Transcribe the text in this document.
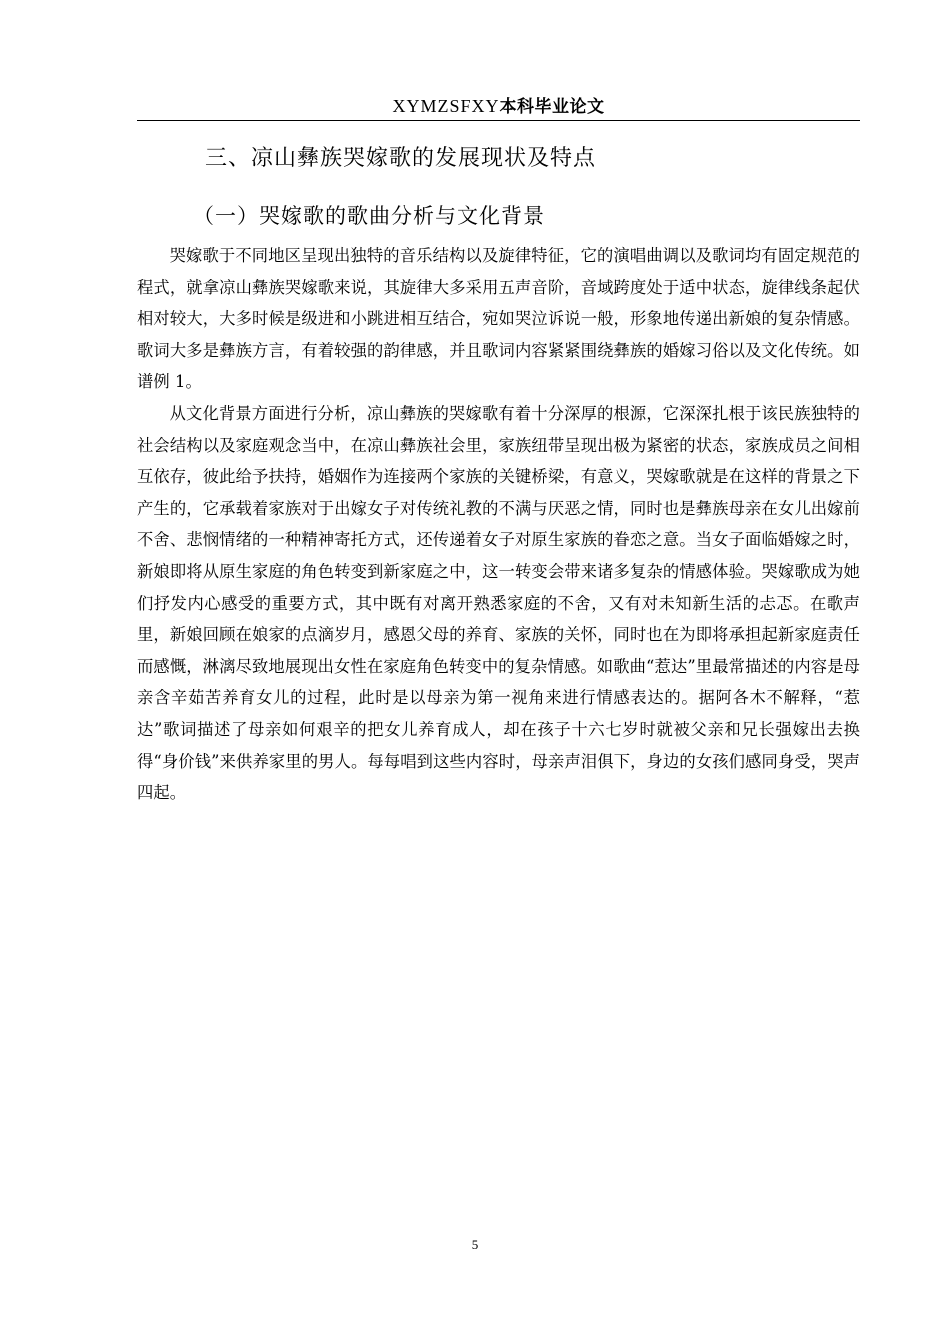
XYMZSFXY本科毕业论文
三、凉山彝族哭嫁歌的发展现状及特点
（一）哭嫁歌的歌曲分析与文化背景

哭嫁歌于不同地区呈现出独特的音乐结构以及旋律特征，它的演唱曲调以及歌词均有固定规范的程式，就拿凉山彝族哭嫁歌来说，其旋律大多采用五声音阶，音域跨度处于适中状态，旋律线条起伏相对较大，大多时候是级进和小跳进相互结合，宛如哭泣诉说一般，形象地传递出新娘的复杂情感。歌词大多是彝族方言，有着较强的韵律感，并且歌词内容紧紧围绕彝族的婚嫁习俗以及文化传统。如谱例 1。

从文化背景方面进行分析，凉山彝族的哭嫁歌有着十分深厚的根源，它深深扎根于该民族独特的社会结构以及家庭观念当中，在凉山彝族社会里，家族纽带呈现出极为紧密的状态，家族成员之间相互依存，彼此给予扶持，婚姻作为连接两个家族的关键桥梁，有意义，哭嫁歌就是在这样的背景之下产生的，它承载着家族对于出嫁女子对传统礼教的不满与厌恶之情，同时也是彝族母亲在女儿出嫁前不舍、悲悯情绪的一种精神寄托方式，还传递着女子对原生家族的眷恋之意。当女子面临婚嫁之时，新娘即将从原生家庭的角色转变到新家庭之中，这一转变会带来诸多复杂的情感体验。哭嫁歌成为她们抒发内心感受的重要方式，其中既有对离开熟悉家庭的不舍，又有对未知新生活的忐忑。在歌声里，新娘回顾在娘家的点滴岁月，感恩父母的养育、家族的关怀，同时也在为即将承担起新家庭责任而感慨，淋漓尽致地展现出女性在家庭角色转变中的复杂情感。如歌曲“惹达”里最常描述的内容是母亲含辛茹苦养育女儿的过程，此时是以母亲为第一视角来进行情感表达的。据阿各木不解释，“惹达”歌词描述了母亲如何艰辛的把女儿养育成人，却在孩子十六七岁时就被父亲和兄长强嫁出去换得“身价钱”来供养家里的男人。每每唱到这些内容时，母亲声泪俱下，身边的女孩们感同身受，哭声四起。

5
